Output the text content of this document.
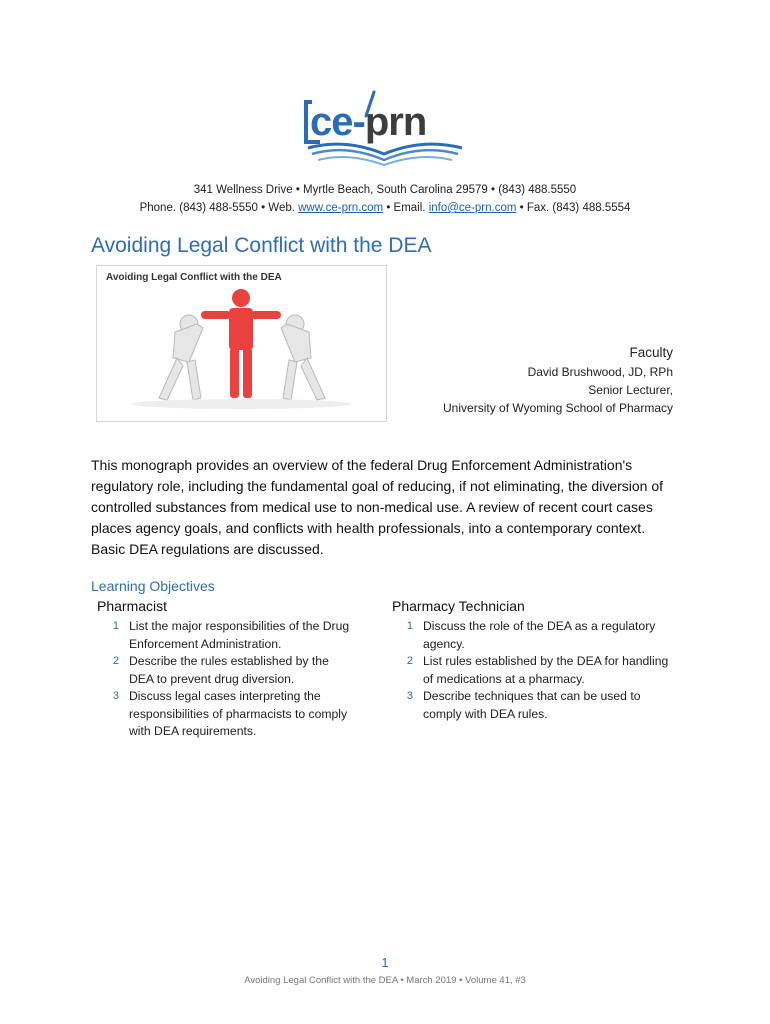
ce-prn
341 Wellness Drive • Myrtle Beach, South Carolina 29579 • (843) 488.5550
Phone. (843) 488-5550 • Web. www.ce-prn.com • Email. info@ce-prn.com • Fax. (843) 488.5554
Avoiding Legal Conflict with the DEA
Avoiding Legal Conflict with the DEA
Faculty
David Brushwood, JD, RPh
Senior Lecturer,
University of Wyoming School of Pharmacy

This monograph provides an overview of the federal Drug Enforcement Administration's regulatory role, including the fundamental goal of reducing, if not eliminating, the diversion of controlled substances from medical use to non-medical use. A review of recent court cases places agency goals, and conflicts with health professionals, into a contemporary context. Basic DEA regulations are discussed.

Learning Objectives
Pharmacist
1 List the major responsibilities of the Drug Enforcement Administration.
2 Describe the rules established by the DEA to prevent drug diversion.
3 Discuss legal cases interpreting the responsibilities of pharmacists to comply with DEA requirements.
Pharmacy Technician
1 Discuss the role of the DEA as a regulatory agency.
2 List rules established by the DEA for handling of medications at a pharmacy.
3 Describe techniques that can be used to comply with DEA rules.
1
Avoiding Legal Conflict with the DEA • March 2019 • Volume 41, #3
